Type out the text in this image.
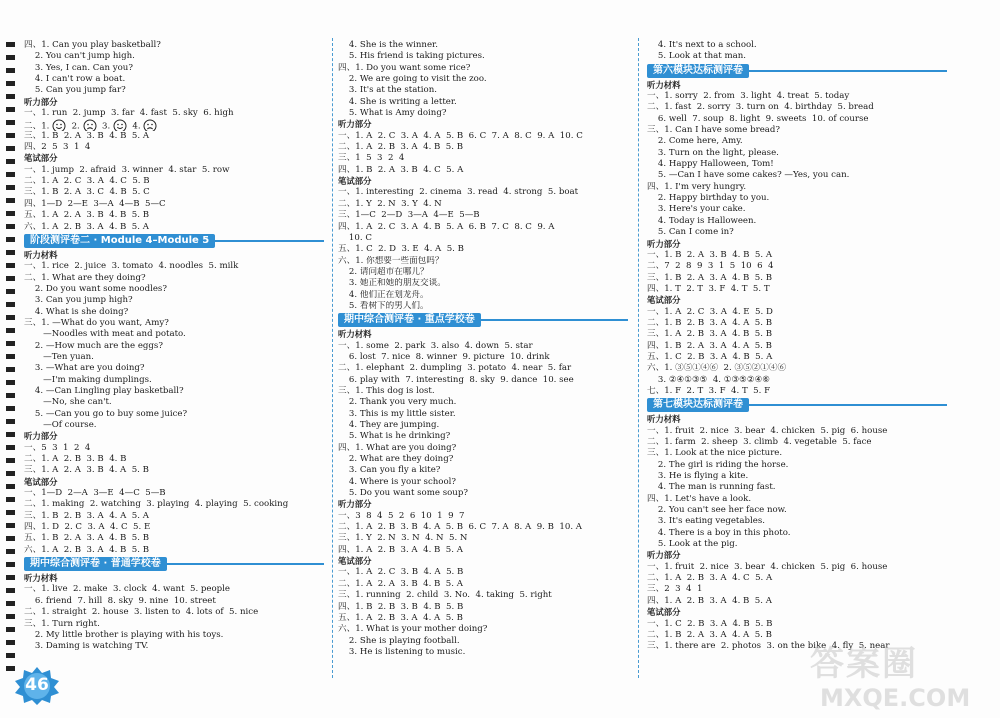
四、1. Can you play basketball?
2. You can't jump high.
3. Yes, I can. Can you?
4. I can't row a boat.
5. Can you jump far?
听力部分
一、1. run  2. jump  3. far  4. fast  5. sky  6. high
二、1.   2.   3.   4.
三、1. B  2. A  3. B  4. B  5. A
四、2  5  3  1  4
笔试部分
一、1. jump  2. afraid  3. winner  4. star  5. row
二、1. A  2. C  3. A  4. C  5. B
三、1. B  2. A  3. C  4. B  5. C
四、1—D  2—E  3—A  4—B  5—C
五、1. A  2. A  3. B  4. B  5. B
六、1. A  2. B  3. A  4. B  5. A
阶段测评卷二 · Module 4–Module 5
听力材料
一、1. rice  2. juice  3. tomato  4. noodles  5. milk
二、1. What are they doing?
2. Do you want some noodles?
3. Can you jump high?
4. What is she doing?
三、1. —What do you want, Amy?
—Noodles with meat and potato.
2. —How much are the eggs?
—Ten yuan.
3. —What are you doing?
—I'm making dumplings.
4. —Can Lingling play basketball?
—No, she can't.
5. —Can you go to buy some juice?
—Of course.
听力部分
一、5  3  1  2  4
二、1. A  2. B  3. B  4. B
三、1. A  2. A  3. B  4. A  5. B
笔试部分
一、1—D  2—A  3—E  4—C  5—B
二、1. making  2. watching  3. playing  4. playing  5. cooking
三、1. B  2. B  3. A  4. A  5. A
四、1. D  2. C  3. A  4. C  5. E
五、1. B  2. A  3. A  4. B  5. B
六、1. A  2. B  3. A  4. B  5. B
期中综合测评卷 · 普通学校卷
听力材料
一、1. live  2. make  3. clock  4. want  5. people
6. friend  7. hill  8. sky  9. nine  10. street
二、1. straight  2. house  3. listen to  4. lots of  5. nice
三、1. Turn right.
2. My little brother is playing with his toys.
3. Daming is watching TV.
4. She is the winner.
5. His friend is taking pictures.
四、1. Do you want some rice?
2. We are going to visit the zoo.
3. It's at the station.
4. She is writing a letter.
5. What is Amy doing?
听力部分
一、1. A  2. C  3. A  4. A  5. B  6. C  7. A  8. C  9. A  10. C
二、1. A  2. B  3. A  4. B  5. B
三、1  5  3  2  4
四、1. B  2. A  3. B  4. C  5. A
笔试部分
一、1. interesting  2. cinema  3. read  4. strong  5. boat
二、1. Y  2. N  3. Y  4. N
三、1—C  2—D  3—A  4—E  5—B
四、1. A  2. C  3. A  4. B  5. A  6. B  7. C  8. C  9. A
10. C
五、1. C  2. D  3. E  4. A  5. B
六、1. 你想要一些面包吗？
2. 请问超市在哪儿？
3. 她正和她的朋友交谈。
4. 他们正在划龙舟。
5. 看树下的男人们。
期中综合测评卷 · 重点学校卷
听力材料
一、1. some  2. park  3. also  4. down  5. star
6. lost  7. nice  8. winner  9. picture  10. drink
二、1. elephant  2. dumpling  3. potato  4. near  5. far
6. play with  7. interesting  8. sky  9. dance  10. see
三、1. This dog is lost.
2. Thank you very much.
3. This is my little sister.
4. They are jumping.
5. What is he drinking?
四、1. What are you doing?
2. What are they doing?
3. Can you fly a kite?
4. Where is your school?
5. Do you want some soup?
听力部分
一、3  8  4  5  2  6  10  1  9  7
二、1. A  2. B  3. B  4. A  5. B  6. C  7. A  8. A  9. B  10. A
三、1. Y  2. N  3. N  4. N  5. N
四、1. A  2. B  3. A  4. B  5. A
笔试部分
一、1. A  2. C  3. B  4. A  5. B
二、1. A  2. A  3. B  4. B  5. A
三、1. running  2. child  3. No.  4. taking  5. right
四、1. B  2. B  3. B  4. B  5. B
五、1. A  2. B  3. A  4. A  5. B
六、1. What is your mother doing?
2. She is playing football.
3. He is listening to music.
4. It's next to a school.
5. Look at that man.
第六模块达标测评卷
听力材料
一、1. sorry  2. from  3. light  4. treat  5. today
二、1. fast  2. sorry  3. turn on  4. birthday  5. bread
6. well  7. soup  8. light  9. sweets  10. of course
三、1. Can I have some bread?
2. Come here, Amy.
3. Turn on the light, please.
4. Happy Halloween, Tom!
5. —Can I have some cakes? —Yes, you can.
四、1. I'm very hungry.
2. Happy birthday to you.
3. Here's your cake.
4. Today is Halloween.
5. Can I come in?
听力部分
一、1. B  2. A  3. B  4. B  5. A
二、7  2  8  9  3  1  5  10  6  4
三、1. B  2. A  3. A  4. B  5. B
四、1. T  2. T  3. F  4. T  5. T
笔试部分
一、1. A  2. C  3. A  4. E  5. D
二、1. B  2. B  3. A  4. A  5. B
三、1. A  2. B  3. A  4. B  5. B
四、1. B  2. A  3. A  4. A  5. B
五、1. C  2. B  3. A  4. B  5. A
六、1. ③⑤①④⑥  2. ③⑤②①④⑥
3. ②④①③⑤  4. ①③⑤②④⑥
七、1. F  2. T  3. F  4. T  5. F
第七模块达标测评卷
听力材料
一、1. fruit  2. nice  3. bear  4. chicken  5. pig  6. house
二、1. farm  2. sheep  3. climb  4. vegetable  5. face
三、1. Look at the nice picture.
2. The girl is riding the horse.
3. He is flying a kite.
4. The man is running fast.
四、1. Let's have a look.
2. You can't see her face now.
3. It's eating vegetables.
4. There is a boy in this photo.
5. Look at the pig.
听力部分
一、1. fruit  2. nice  3. bear  4. chicken  5. pig  6. house
二、1. A  2. B  3. A  4. C  5. A
三、2  3  4  1
四、1. A  2. B  3. A  4. B  5. A
笔试部分
一、1. C  2. B  3. A  4. B  5. B
二、1. B  2. A  3. A  4. A  5. B
三、1. there are  2. photos  3. on the bike  4. fly  5. near
46
答案圈
MXQE.COM
